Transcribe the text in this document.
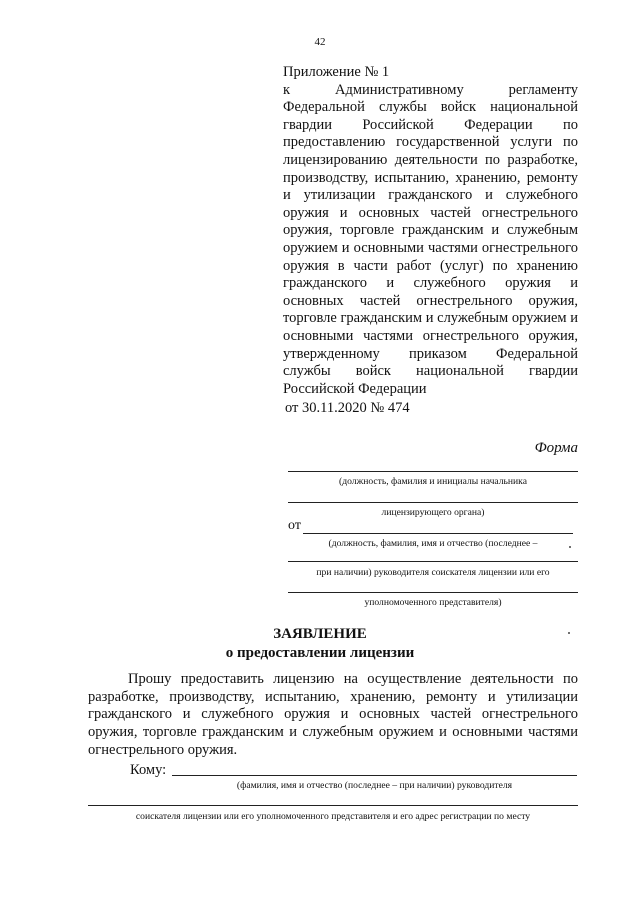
42
Приложение № 1
к Административному регламенту Федеральной службы войск национальной гвардии Российской Федерации по предоставлению государственной услуги по лицензированию деятельности по разработке, производству, испытанию, хранению, ремонту и утилизации гражданского и служебного оружия и основных частей огнестрельного оружия, торговле гражданским и служебным оружием и основными частями огнестрельного оружия в части работ (услуг) по хранению гражданского и служебного оружия и основных частей огнестрельного оружия, торговле гражданским и служебным оружием и основными частями огнестрельного оружия, утвержденному приказом Федеральной службы войск национальной гвардии Российской Федерации
от 30.11.2020 № 474
Форма
(должность, фамилия и инициалы начальника
лицензирующего органа)
от
(должность, фамилия, имя и отчество (последнее –
при наличии) руководителя соискателя лицензии или его
уполномоченного представителя)
ЗАЯВЛЕНИЕ
о предоставлении лицензии

Прошу предоставить лицензию на осуществление деятельности по разработке, производству, испытанию, хранению, ремонту и утилизации гражданского и служебного оружия и основных частей огнестрельного оружия, торговле гражданским и служебным оружием и основными частями огнестрельного оружия.

Кому:
(фамилия, имя и отчество (последнее – при наличии) руководителя
соискателя лицензии или его уполномоченного представителя и его адрес регистрации по месту
